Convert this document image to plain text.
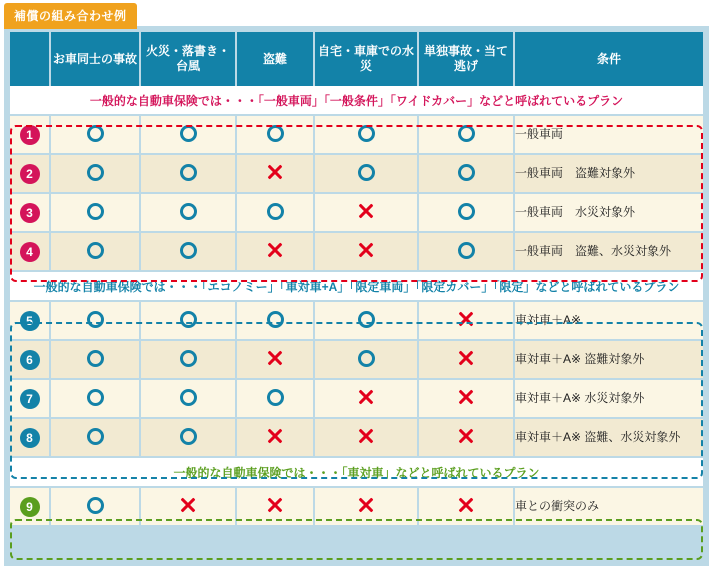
補償の組み合わせ例
	お車同士の事故	火災・落書き・台風	盗難	自宅・車庫での水災	単独事故・当て逃げ	条件
一般的な自動車保険では・・・「一般車両」「一般条件」「ワイドカバー」などと呼ばれているプラン						
1						一般車両
2						一般車両　盗難対象外
3						一般車両　水災対象外
4						一般車両　盗難、水災対象外
一般的な自動車保険では・・・「エコノミー」「車対車+A」「限定車両」「限定カバー」「限定」などと呼ばれているプラン						
5						車対車＋A※
6						車対車＋A※ 盗難対象外
7						車対車＋A※ 水災対象外
8						車対車＋A※ 盗難、水災対象外
一般的な自動車保険では・・・「車対車」などと呼ばれているプラン						
9						車との衝突のみ
